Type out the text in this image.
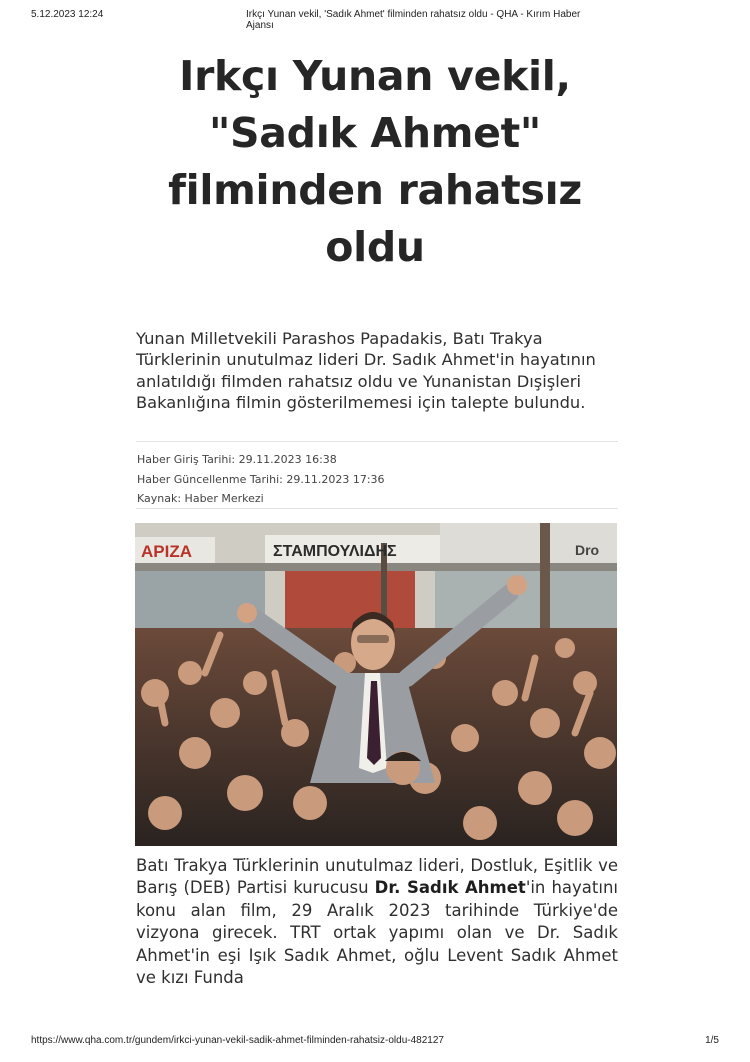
5.12.2023 12:24	Irkçı Yunan vekil, 'Sadık Ahmet' filminden rahatsız oldu - QHA - Kırım Haber Ajansı
Irkçı Yunan vekil, "Sadık Ahmet" filminden rahatsız oldu

Yunan Milletvekili Parashos Papadakis, Batı Trakya Türklerinin unutulmaz lideri Dr. Sadık Ahmet'in hayatının anlatıldığı filmden rahatsız oldu ve Yunanistan Dışişleri Bakanlığına filmin gösterilmemesi için talepte bulundu.

Haber Giriş Tarihi: 29.11.2023 16:38
Haber Güncellenme Tarihi: 29.11.2023 17:36
Kaynak: Haber Merkezi
ΑΡΙΖΑ	ΣΤΑΜΠΟΥΛΙΔΗΣ	Dro

Batı Trakya Türklerinin unutulmaz lideri, Dostluk, Eşitlik ve Barış (DEB) Partisi kurucusu Dr. Sadık Ahmet'in hayatını konu alan film, 29 Aralık 2023 tarihinde Türkiye'de vizyona girecek. TRT ortak yapımı olan ve Dr. Sadık Ahmet'in eşi Işık Sadık Ahmet, oğlu Levent Sadık Ahmet ve kızı Funda

https://www.qha.com.tr/gundem/irkci-yunan-vekil-sadik-ahmet-filminden-rahatsiz-oldu-482127	1/5
